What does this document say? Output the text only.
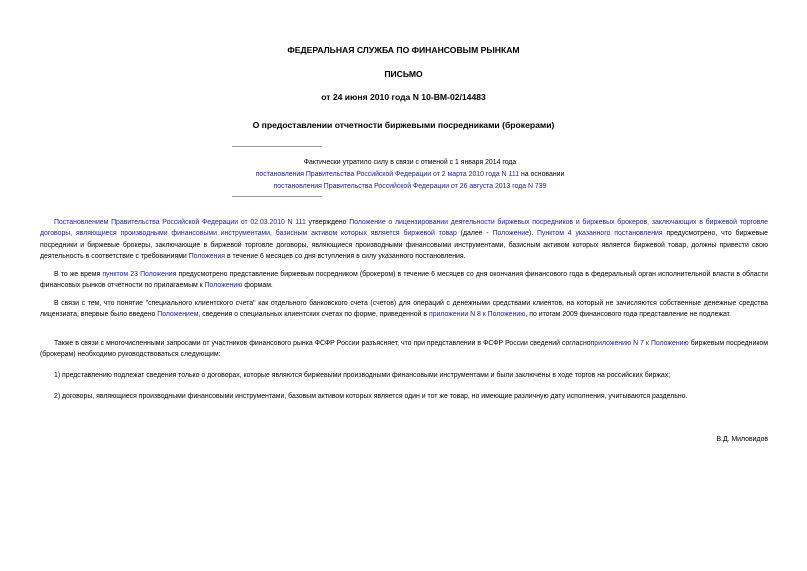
ФЕДЕРАЛЬНАЯ СЛУЖБА ПО ФИНАНСОВЫМ РЫНКАМ
ПИСЬМО
от 24 июня 2010 года N 10-ВМ-02/14483
О предоставлении отчетности биржевыми посредниками (брокерами)
Фактически утратило силу в связи с отменой с 1 января 2014 года
постановления Правительства Российской Федерации от 2 марта 2010 года N 111 на основании
постановления Правительства Российской Федерации от 26 августа 2013 года N 739
Постановлением Правительства Российской Федерации от 02.03.2010 N 111 утверждено Положение о лицензировании деятельности биржевых посредников и биржевых брокеров, заключающих в биржевой торговле договоры, являющиеся производными финансовыми инструментами, базисным активом которых является биржевой товар (далее - Положение). Пунктом 4 указанного постановления предусмотрено, что биржевые посредники и биржевые брокеры, заключающие в биржевой торговле договоры, являющиеся производными финансовыми инструментами, базисным активом которых является биржевой товар, должны привести свою деятельность в соответствие с требованиями Положения в течение 6 месяцев со дня вступления в силу указанного постановления.
В то же время пунктом 23 Положения предусмотрено представление биржевым посредником (брокером) в течение 6 месяцев со дня окончания финансового года в федеральный орган исполнительной власти в области финансовых рынков отчетности по прилагаемым к Положению формам.
В связи с тем, что понятие "специального клиентского счета" как отдельного банковского счета (счетов) для операций с денежными средствами клиентов, на который не зачисляются собственные денежные средства лицензиата, впервые было введено Положением, сведения о специальных клиентских счетах по форме, приведенной в приложении N 8 к Положению, по итогам 2009 финансового года представление не подлежат.
Также в связи с многочисленными запросами от участников финансового рынка ФСФР России разъясняет, что при представлении в ФСФР России сведений согласноприложению N 7 к Положению биржевым посредником (брокерам) необходимо руководствоваться следующим:
1) представлению подлежат сведения только о договорах, которые являются биржевыми производными финансовыми инструментами и были заключены в ходе торгов на российских биржах;
2) договоры, являющиеся производными финансовыми инструментами, базовым активом которых является один и тот же товар, но имеющие различную дату исполнения, учитываются раздельно.
В.Д. Миловидов
